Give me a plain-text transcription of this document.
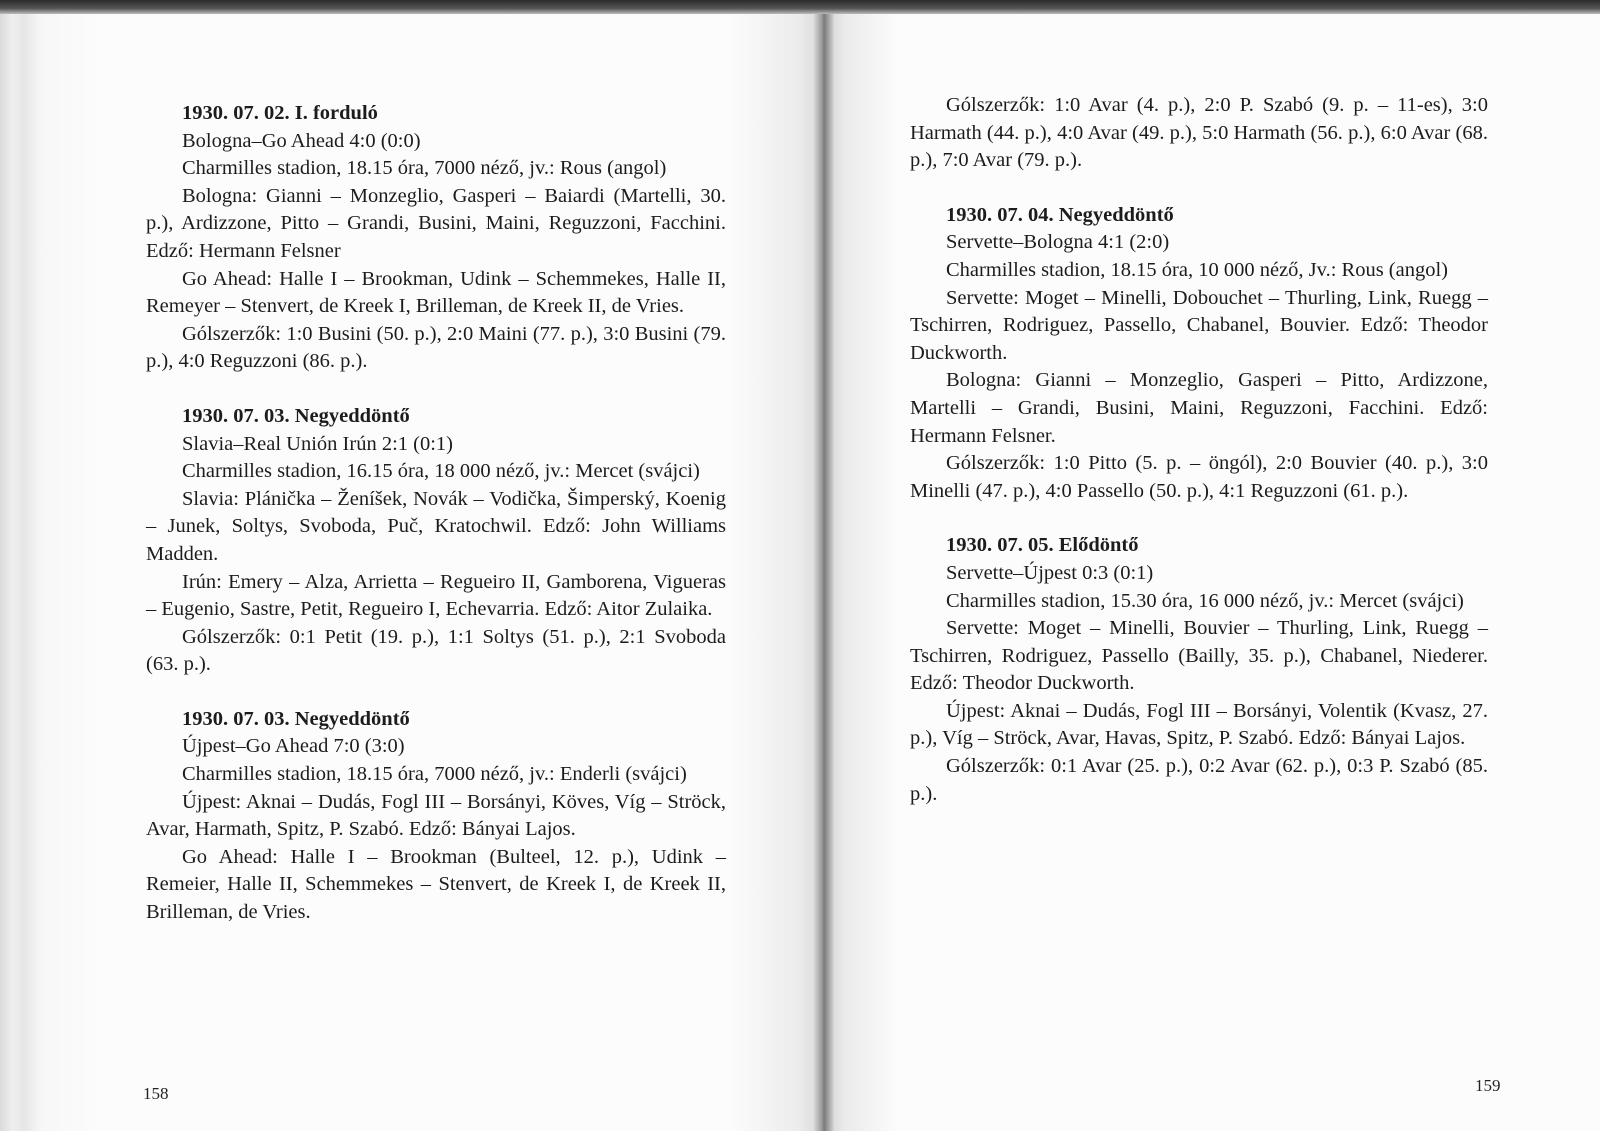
1930. 07. 02. I. forduló

Bologna–Go Ahead 4:0 (0:0)

Charmilles stadion, 18.15 óra, 7000 néző, jv.: Rous (angol)

Bologna: Gianni – Monzeglio, Gasperi – Baiardi (Martelli, 30. p.), Ardizzone, Pitto – Grandi, Businі, Maini, Reguzzoni, Facchini. Edző: Hermann Felsner

Go Ahead: Halle I – Brookman, Udink – Schemmekes, Halle II, Remeyer – Stenvert, de Kreek I, Brilleman, de Kreek II, de Vries.

Gólszerzők: 1:0 Businі (50. p.), 2:0 Maini (77. p.), 3:0 Businі (79. p.), 4:0 Reguzzoni (86. p.).

1930. 07. 03. Negyeddöntő

Slavia–Real Unión Irún 2:1 (0:1)

Charmilles stadion, 16.15 óra, 18 000 néző, jv.: Mercet (svájci)

Slavia: Plánička – Ženíšek, Novák – Vodička, Šimperský, Koenig – Junek, Soltys, Svoboda, Puč, Kratochwil. Edző: John Williams Madden.

Irún: Emery – Alza, Arrietta – Regueiro II, Gamborena, Vigueras – Eugenio, Sastre, Petit, Regueiro I, Echevarria. Edző: Aitor Zulaika.

Gólszerzők: 0:1 Petit (19. p.), 1:1 Soltys (51. p.), 2:1 Svoboda (63. p.).

1930. 07. 03. Negyeddöntő

Újpest–Go Ahead 7:0 (3:0)

Charmilles stadion, 18.15 óra, 7000 néző, jv.: Enderli (svájci)

Újpest: Aknai – Dudás, Fogl III – Borsányi, Köves, Víg – Ströck, Avar, Harmath, Spitz, P. Szabó. Edző: Bányai Lajos.

Go Ahead: Halle I – Brookman (Bulteel, 12. p.), Udink – Remeier, Halle II, Schemmekes – Stenvert, de Kreek I, de Kreek II, Brilleman, de Vries.

158

Gólszerzők: 1:0 Avar (4. p.), 2:0 P. Szabó (9. p. – 11-es), 3:0 Harmath (44. p.), 4:0 Avar (49. p.), 5:0 Harmath (56. p.), 6:0 Avar (68. p.), 7:0 Avar (79. p.).

1930. 07. 04. Negyeddöntő

Servette–Bologna 4:1 (2:0)

Charmilles stadion, 18.15 óra, 10 000 néző, Jv.: Rous (angol)

Servette: Moget – Minelli, Dobouchet – Thurling, Link, Ruegg – Tschirren, Rodriguez, Passello, Chabanel, Bouvier. Edző: Theodor Duckworth.

Bologna: Gianni – Monzeglio, Gasperi – Pitto, Ardizzone, Martelli – Grandi, Businі, Maini, Reguzzoni, Facchini. Edző: Hermann Felsner.

Gólszerzők: 1:0 Pitto (5. p. – öngól), 2:0 Bouvier (40. p.), 3:0 Minelli (47. p.), 4:0 Passello (50. p.), 4:1 Reguzzoni (61. p.).

1930. 07. 05. Elődöntő

Servette–Újpest 0:3 (0:1)

Charmilles stadion, 15.30 óra, 16 000 néző, jv.: Mercet (svájci)

Servette: Moget – Minelli, Bouvier – Thurling, Link, Ruegg – Tschirren, Rodriguez, Passello (Bailly, 35. p.), Chabanel, Niederer. Edző: Theodor Duckworth.

Újpest: Aknai – Dudás, Fogl III – Borsányi, Volentik (Kvasz, 27. p.), Víg – Ströck, Avar, Havas, Spitz, P. Szabó. Edző: Bányai Lajos.

Gólszerzők: 0:1 Avar (25. p.), 0:2 Avar (62. p.), 0:3 P. Szabó (85. p.).

159
